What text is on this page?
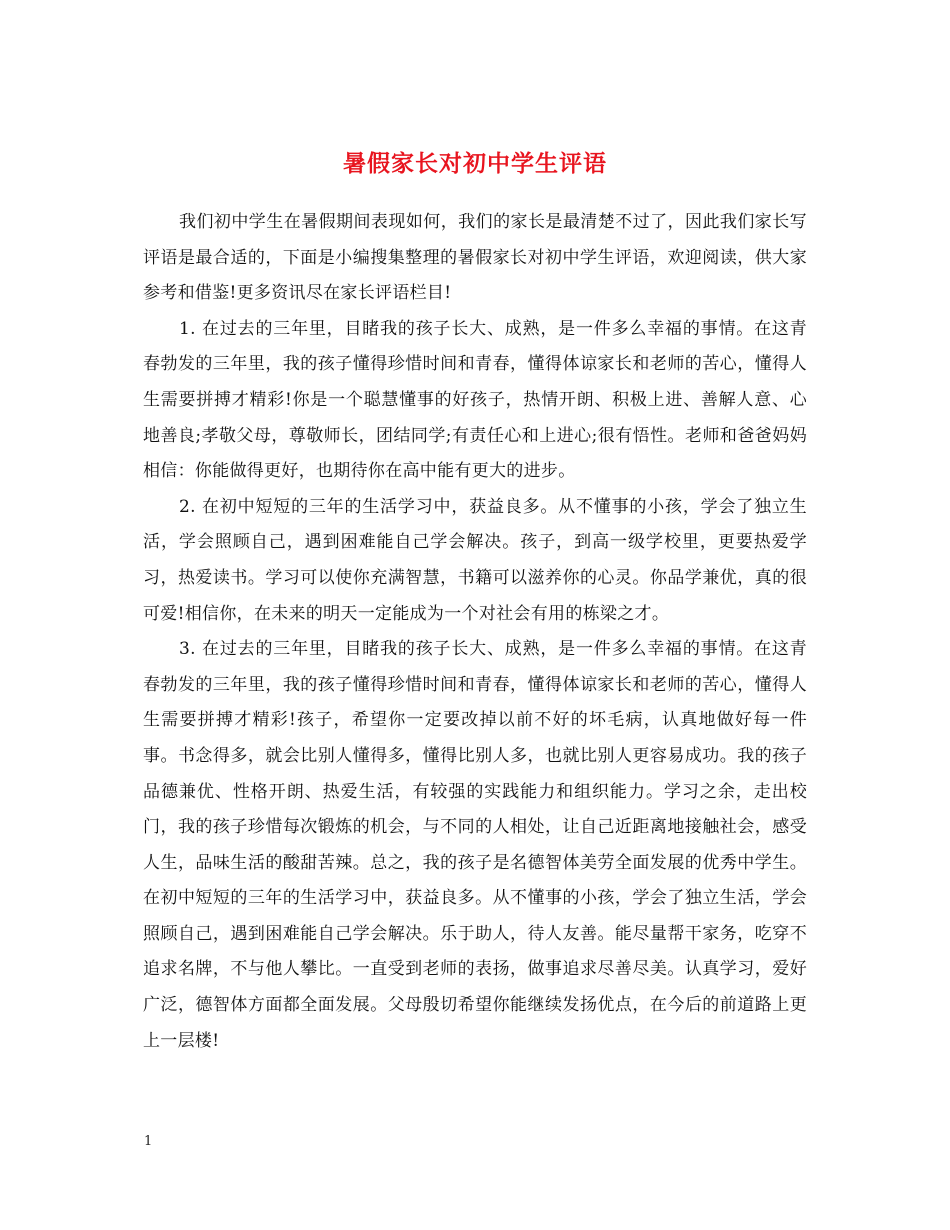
暑假家长对初中学生评语

我们初中学生在暑假期间表现如何，我们的家长是最清楚不过了，因此我们家长写评语是最合适的，下面是小编搜集整理的暑假家长对初中学生评语，欢迎阅读，供大家参考和借鉴!更多资讯尽在家长评语栏目!

1. 在过去的三年里，目睹我的孩子长大、成熟，是一件多么幸福的事情。在这青春勃发的三年里，我的孩子懂得珍惜时间和青春，懂得体谅家长和老师的苦心，懂得人生需要拼搏才精彩!你是一个聪慧懂事的好孩子，热情开朗、积极上进、善解人意、心地善良;孝敬父母，尊敬师长，团结同学;有责任心和上进心;很有悟性。老师和爸爸妈妈相信：你能做得更好，也期待你在高中能有更大的进步。

2. 在初中短短的三年的生活学习中，获益良多。从不懂事的小孩，学会了独立生活，学会照顾自己，遇到困难能自己学会解决。孩子，到高一级学校里，更要热爱学习，热爱读书。学习可以使你充满智慧，书籍可以滋养你的心灵。你品学兼优，真的很可爱!相信你，在未来的明天一定能成为一个对社会有用的栋梁之才。

3. 在过去的三年里，目睹我的孩子长大、成熟，是一件多么幸福的事情。在这青春勃发的三年里，我的孩子懂得珍惜时间和青春，懂得体谅家长和老师的苦心，懂得人生需要拼搏才精彩!孩子，希望你一定要改掉以前不好的坏毛病，认真地做好每一件事。书念得多，就会比别人懂得多，懂得比别人多，也就比别人更容易成功。我的孩子品德兼优、性格开朗、热爱生活，有较强的实践能力和组织能力。学习之余，走出校门，我的孩子珍惜每次锻炼的机会，与不同的人相处，让自己近距离地接触社会，感受人生，品味生活的酸甜苦辣。总之，我的孩子是名德智体美劳全面发展的优秀中学生。在初中短短的三年的生活学习中，获益良多。从不懂事的小孩，学会了独立生活，学会照顾自己，遇到困难能自己学会解决。乐于助人，待人友善。能尽量帮干家务，吃穿不追求名牌，不与他人攀比。一直受到老师的表扬，做事追求尽善尽美。认真学习，爱好广泛，德智体方面都全面发展。父母殷切希望你能继续发扬优点，在今后的前道路上更上一层楼!

1
